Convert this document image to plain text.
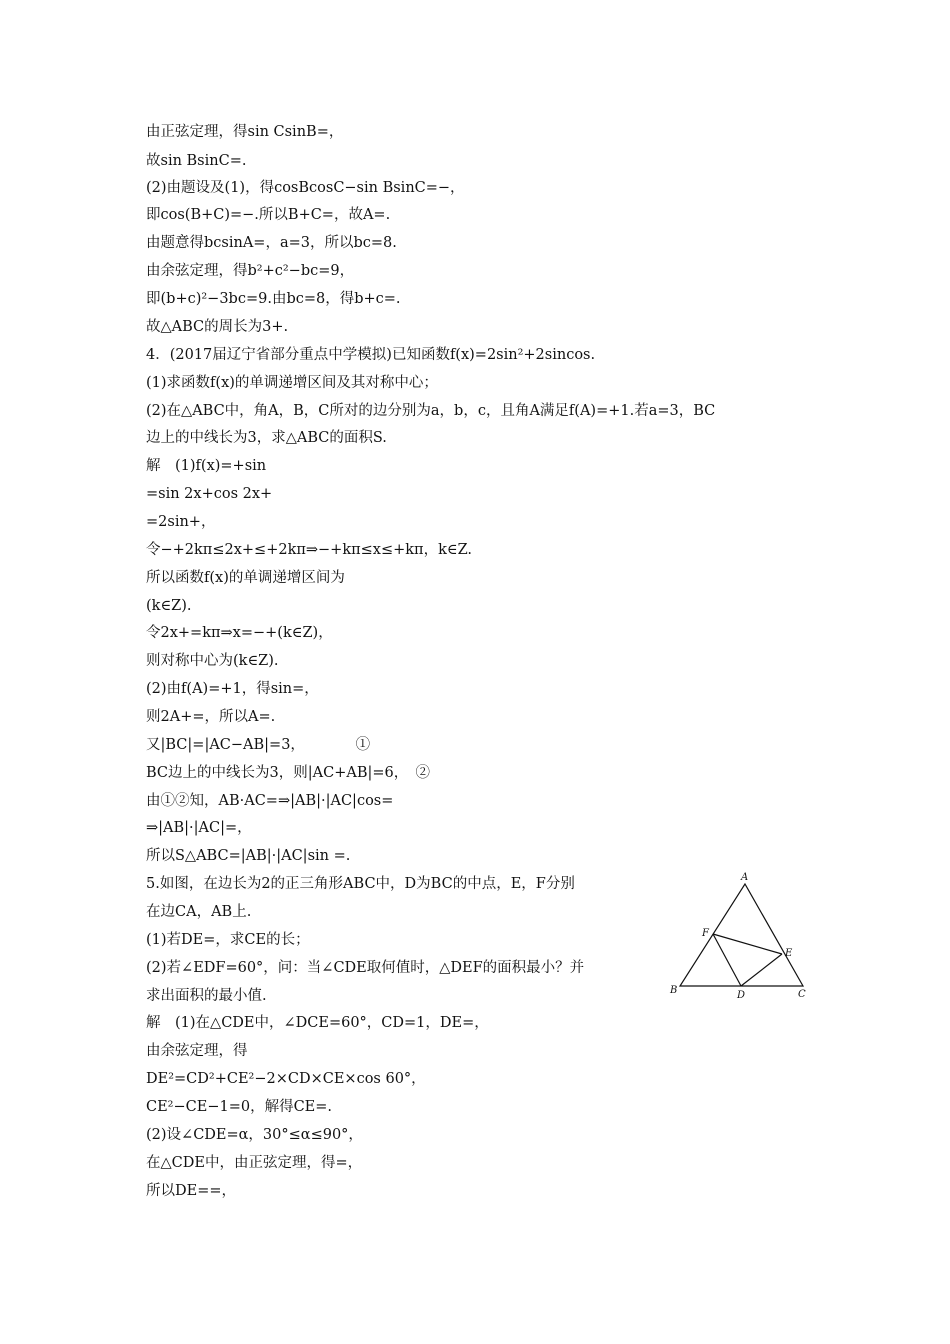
由正弦定理，得sin CsinB=，
故sin BsinC=.
(2)由题设及(1)，得cosBcosC−sin BsinC=−，
即cos(B+C)=−.所以B+C=，故A=.
由题意得bcsinA=，a=3，所以bc=8.
由余弦定理，得b²+c²−bc=9，
即(b+c)²−3bc=9.由bc=8，得b+c=.
故△ABC的周长为3+.
4．(2017届辽宁省部分重点中学模拟)已知函数f(x)=2sin²+2sincos.
(1)求函数f(x)的单调递增区间及其对称中心；
(2)在△ABC中，角A，B，C所对的边分别为a，b，c，且角A满足f(A)=+1.若a=3，BC
边上的中线长为3，求△ABC的面积S.
解　(1)f(x)=+sin
=sin 2x+cos 2x+
=2sin+，
令−+2kπ≤2x+≤+2kπ⇒−+kπ≤x≤+kπ，k∈Z.
所以函数f(x)的单调递增区间为
(k∈Z).
令2x+=kπ⇒x=−+(k∈Z)，
则对称中心为(k∈Z).
(2)由f(A)=+1，得sin=，
则2A+=，所以A=.
又|BC|=|AC−AB|=3，　　　　①
BC边上的中线长为3，则|AC+AB|=6，　②
由①②知，AB·AC=⇒|AB|·|AC|cos=
⇒|AB|·|AC|=，
所以S△ABC=|AB|·|AC|sin =.
5.如图，在边长为2的正三角形ABC中，D为BC的中点，E，F分别
在边CA，AB上.
(1)若DE=，求CE的长；
(2)若∠EDF=60°，问：当∠CDE取何值时，△DEF的面积最小？并
求出面积的最小值.
解　(1)在△CDE中，∠DCE=60°，CD=1，DE=，
由余弦定理，得
DE²=CD²+CE²−2×CD×CE×cos 60°，
CE²−CE−1=0，解得CE=.
(2)设∠CDE=α，30°≤α≤90°，
在△CDE中，由正弦定理，得=，
所以DE==，
A
B	C
D
E
F
